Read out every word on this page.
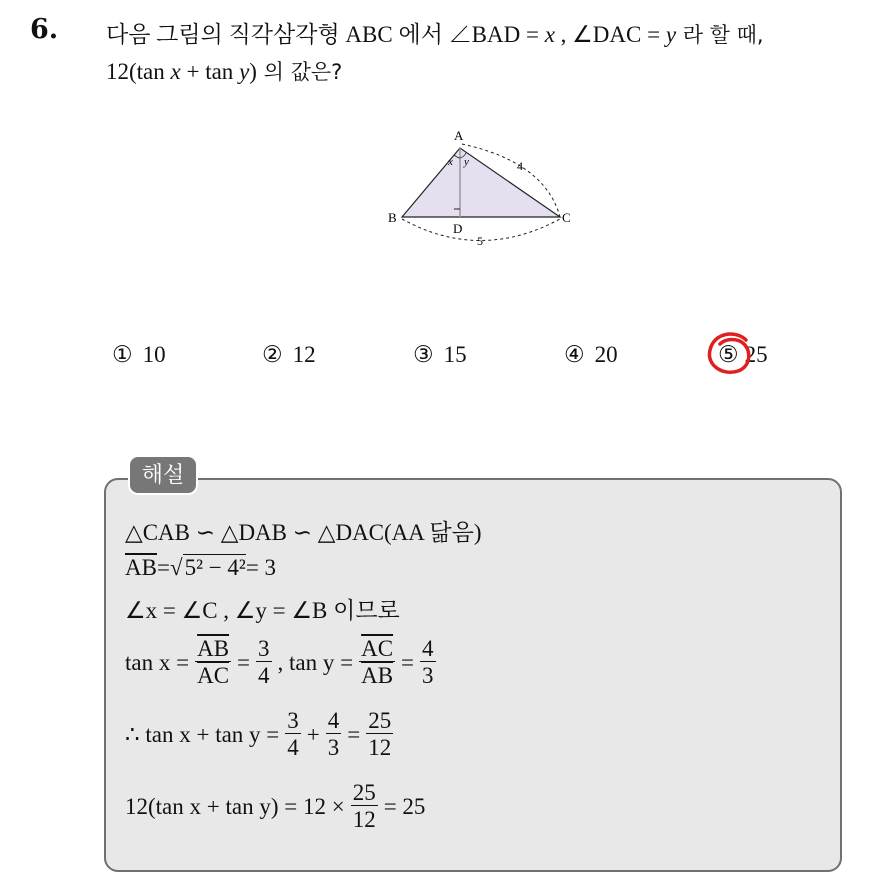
6. 다음 그림의 직각삼각형 ABC 에서 ∠BAD = x , ∠DAC = y 라 할 때,
12(tan x + tan y) 의 값은?
A
B	C
D
x y	4
5
① 10	② 12	③ 15	④ 20	⑤ 25
해설
△CAB ∽ △DAB ∽ △DAC(AA 닮음)
$\overline{AB}$ = √ 5² − 4² = 3
∠x = ∠C , ∠y = ∠B 이므로
$\tan x = \frac{\overline{AB}}{AC} = \frac{3}{4}$ , $\tan y = \frac{\overline{AC}}{AB} = \frac{4}{3}$
∴ $\tan x + \tan y = \frac{3}{4} + \frac{4}{3} = \frac{25}{12}$
12(tan $x + \tan y) = 12 \times \frac{25}{12} = 25$
